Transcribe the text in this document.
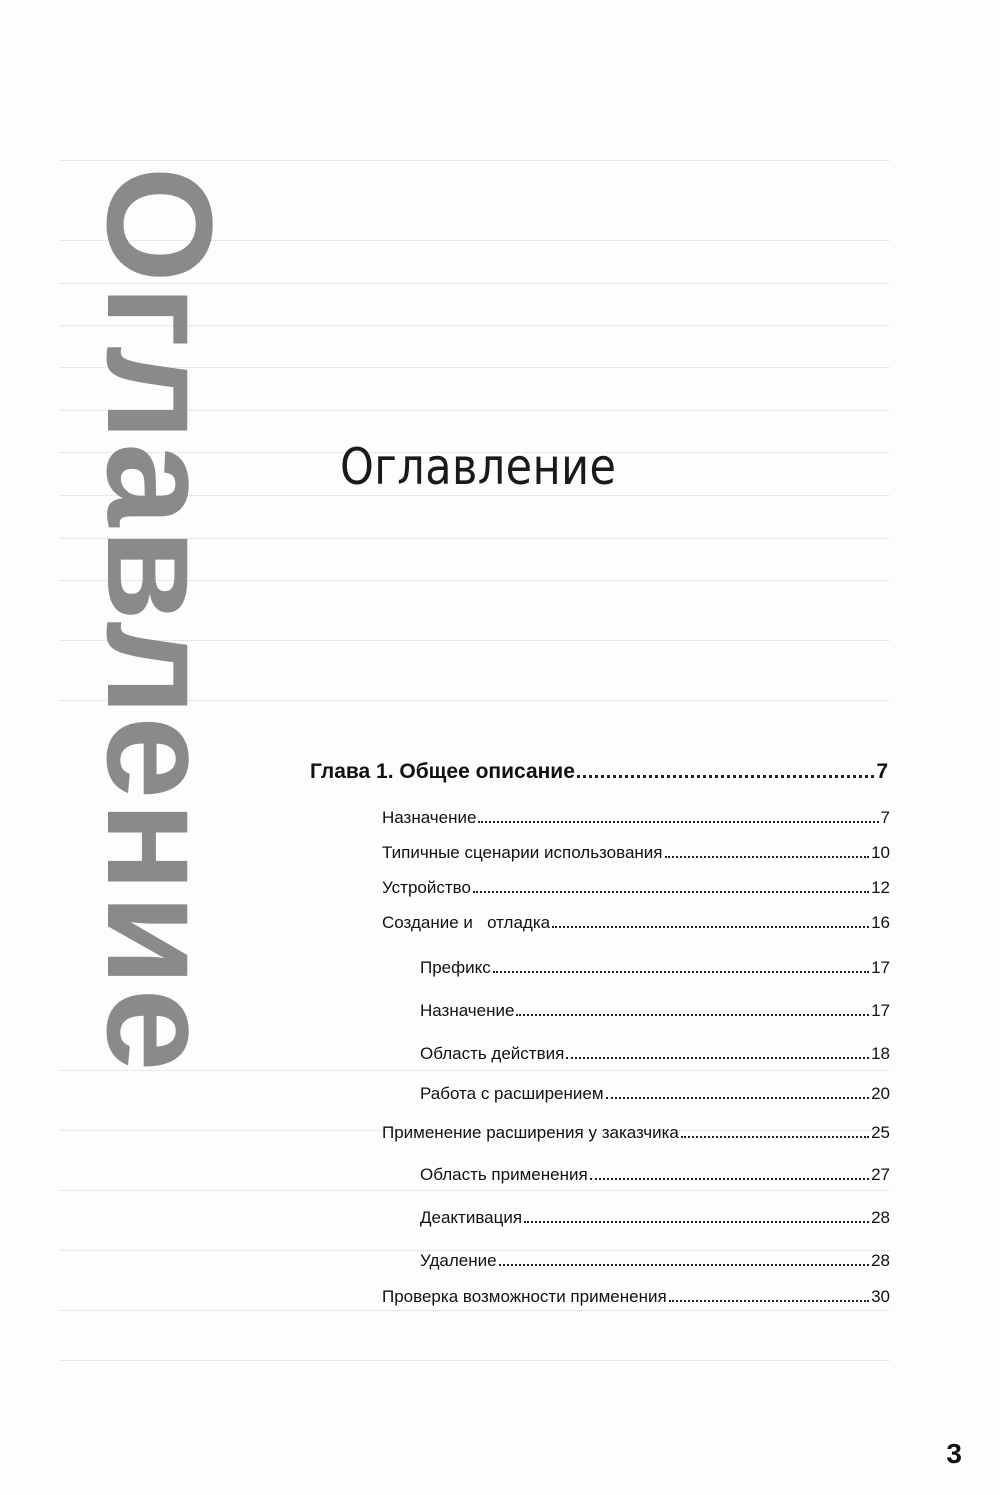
Оглавление Оглавление
Глава 1. Общее описание	7
Назначение	7
Типичные сценарии использования	10
Устройство	12
Создание и   отладка	16
Префикс	17
Назначение	17
Область действия	18
Работа с расширением	20
Применение расширения у заказчика	25
Область применения	27
Деактивация	28
Удаление	28
Проверка возможности применения	30
3
